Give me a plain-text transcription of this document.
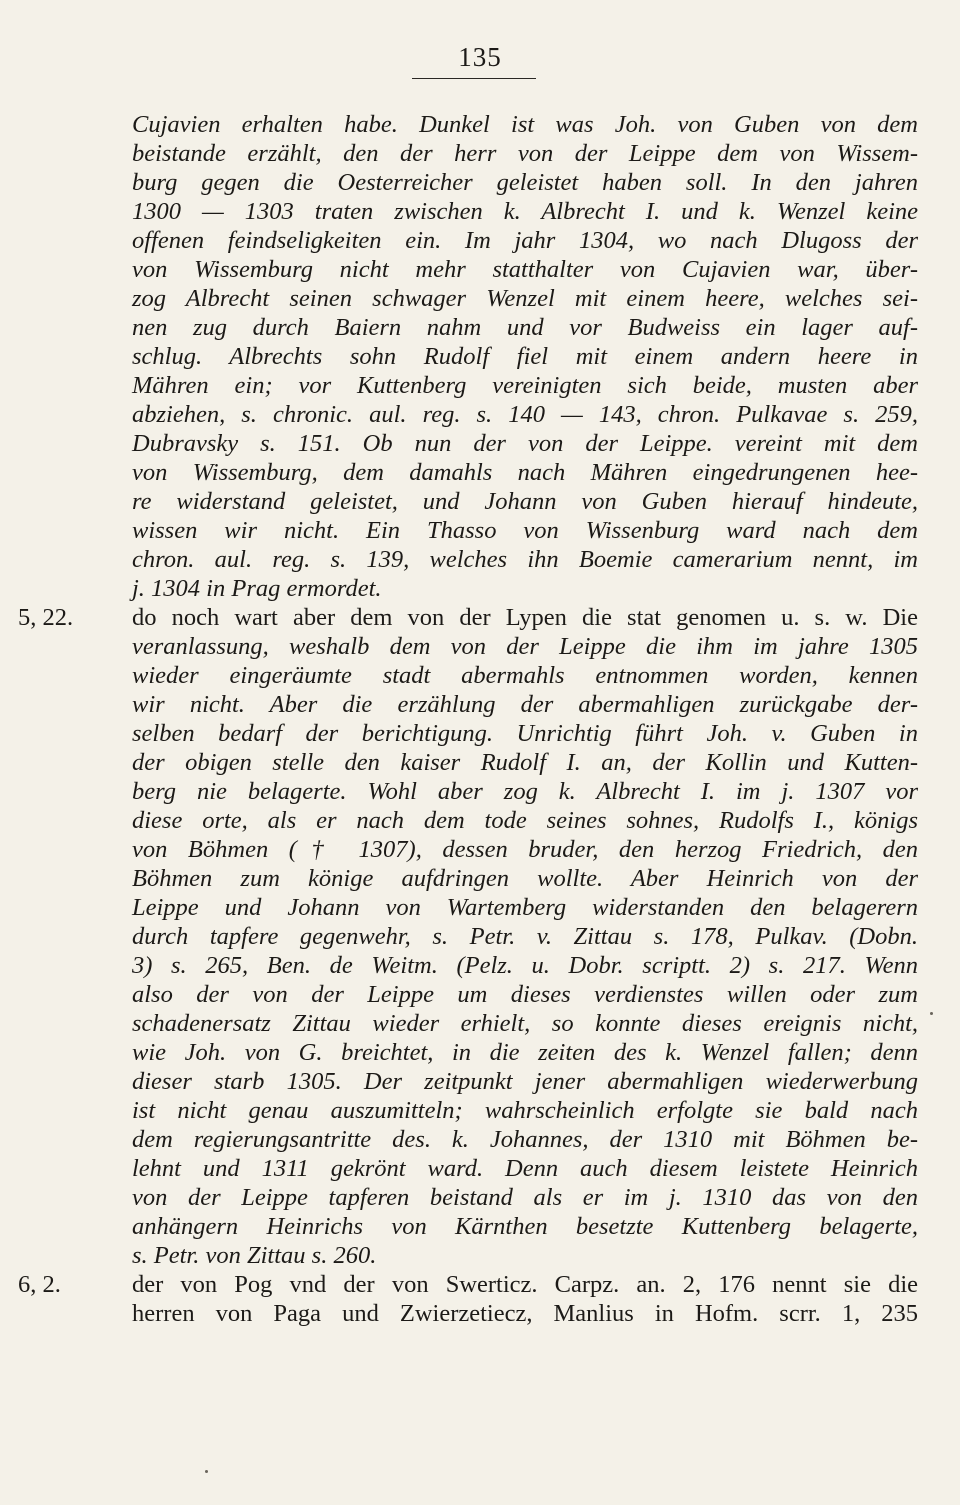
135
Cujavien erhalten habe. Dunkel ist was Joh. von Guben von dem
beistande erzählt, den der herr von der Leippe dem von Wissem-
burg gegen die Oesterreicher geleistet haben soll. In den jahren
1300 — 1303 traten zwischen k. Albrecht I. und k. Wenzel keine
offenen feindseligkeiten ein. Im jahr 1304, wo nach Dlugoss der
von Wissemburg nicht mehr statthalter von Cujavien war, über-
zog Albrecht seinen schwager Wenzel mit einem heere, welches sei-
nen zug durch Baiern nahm und vor Budweiss ein lager auf-
schlug. Albrechts sohn Rudolf fiel mit einem andern heere in
Mähren ein; vor Kuttenberg vereinigten sich beide, musten aber
abziehen, s. chronic. aul. reg. s. 140 — 143, chron. Pulkavae s. 259,
Dubravsky s. 151. Ob nun der von der Leippe. vereint mit dem
von Wissemburg, dem damahls nach Mähren eingedrungenen hee-
re widerstand geleistet, und Johann von Guben hierauf hindeute,
wissen wir nicht. Ein Thasso von Wissenburg ward nach dem
chron. aul. reg. s. 139, welches ihn Boemie camerarium nennt, im
j. 1304 in Prag ermordet.
do noch wart aber dem von der Lypen die stat genomen u. s. w. Die
veranlassung, weshalb dem von der Leippe die ihm im jahre 1305
wieder eingeräumte stadt abermahls entnommen worden, kennen
wir nicht. Aber die erzählung der abermahligen zurückgabe der-
selben bedarf der berichtigung. Unrichtig führt Joh. v. Guben in
der obigen stelle den kaiser Rudolf I. an, der Kollin und Kutten-
berg nie belagerte. Wohl aber zog k. Albrecht I. im j. 1307 vor
diese orte, als er nach dem tode seines sohnes, Rudolfs I., königs
von Böhmen († 1307), dessen bruder, den herzog Friedrich, den
Böhmen zum könige aufdringen wollte. Aber Heinrich von der
Leippe und Johann von Wartemberg widerstanden den belagerern
durch tapfere gegenwehr, s. Petr. v. Zittau s. 178, Pulkav. (Dobn.
3) s. 265, Ben. de Weitm. (Pelz. u. Dobr. scriptt. 2) s. 217. Wenn
also der von der Leippe um dieses verdienstes willen oder zum
schadenersatz Zittau wieder erhielt, so konnte dieses ereignis nicht,
wie Joh. von G. breichtet, in die zeiten des k. Wenzel fallen; denn
dieser starb 1305. Der zeitpunkt jener abermahligen wiederwerbung
ist nicht genau auszumitteln; wahrscheinlich erfolgte sie bald nach
dem regierungsantritte des. k. Johannes, der 1310 mit Böhmen be-
lehnt und 1311 gekrönt ward. Denn auch diesem leistete Heinrich
von der Leippe tapferen beistand als er im j. 1310 das von den
anhängern Heinrichs von Kärnthen besetzte Kuttenberg belagerte,
s. Petr. von Zittau s. 260.
der von Pog vnd der von Swerticz. Carpz. an. 2, 176 nennt sie die
herren von Paga und Zwierzetiecz, Manlius in Hofm. scrr. 1, 235
5, 22.
6, 2.
